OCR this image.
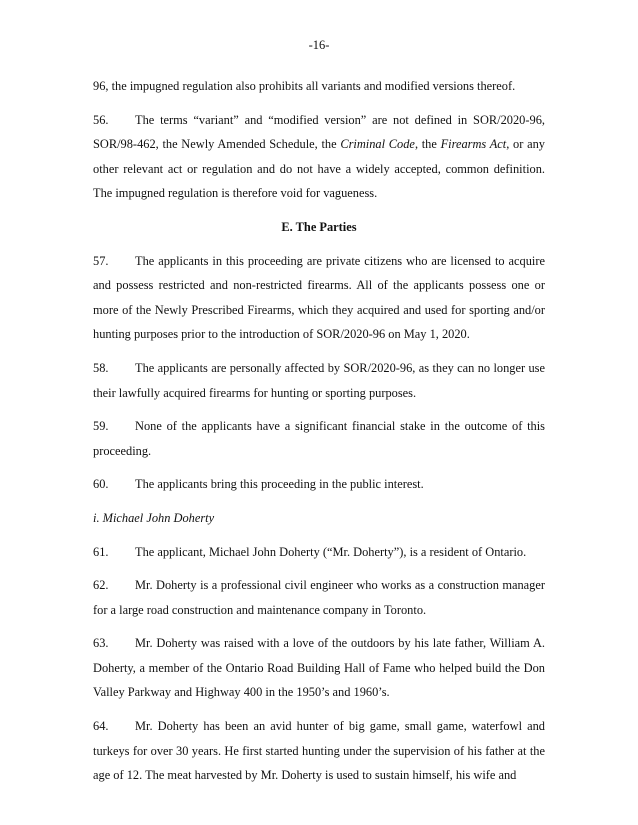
-16-

96, the impugned regulation also prohibits all variants and modified versions thereof.

56. The terms “variant” and “modified version” are not defined in SOR/2020-96, SOR/98-462, the Newly Amended Schedule, the Criminal Code, the Firearms Act, or any other relevant act or regulation and do not have a widely accepted, common definition. The impugned regulation is therefore void for vagueness.

E. The Parties

57. The applicants in this proceeding are private citizens who are licensed to acquire and possess restricted and non-restricted firearms. All of the applicants possess one or more of the Newly Prescribed Firearms, which they acquired and used for sporting and/or hunting purposes prior to the introduction of SOR/2020-96 on May 1, 2020.

58. The applicants are personally affected by SOR/2020-96, as they can no longer use their lawfully acquired firearms for hunting or sporting purposes.

59. None of the applicants have a significant financial stake in the outcome of this proceeding.

60. The applicants bring this proceeding in the public interest.

i. Michael John Doherty

61. The applicant, Michael John Doherty (“Mr. Doherty”), is a resident of Ontario.

62. Mr. Doherty is a professional civil engineer who works as a construction manager for a large road construction and maintenance company in Toronto.

63. Mr. Doherty was raised with a love of the outdoors by his late father, William A. Doherty, a member of the Ontario Road Building Hall of Fame who helped build the Don Valley Parkway and Highway 400 in the 1950’s and 1960’s.

64. Mr. Doherty has been an avid hunter of big game, small game, waterfowl and turkeys for over 30 years. He first started hunting under the supervision of his father at the age of 12. The meat harvested by Mr. Doherty is used to sustain himself, his wife and
